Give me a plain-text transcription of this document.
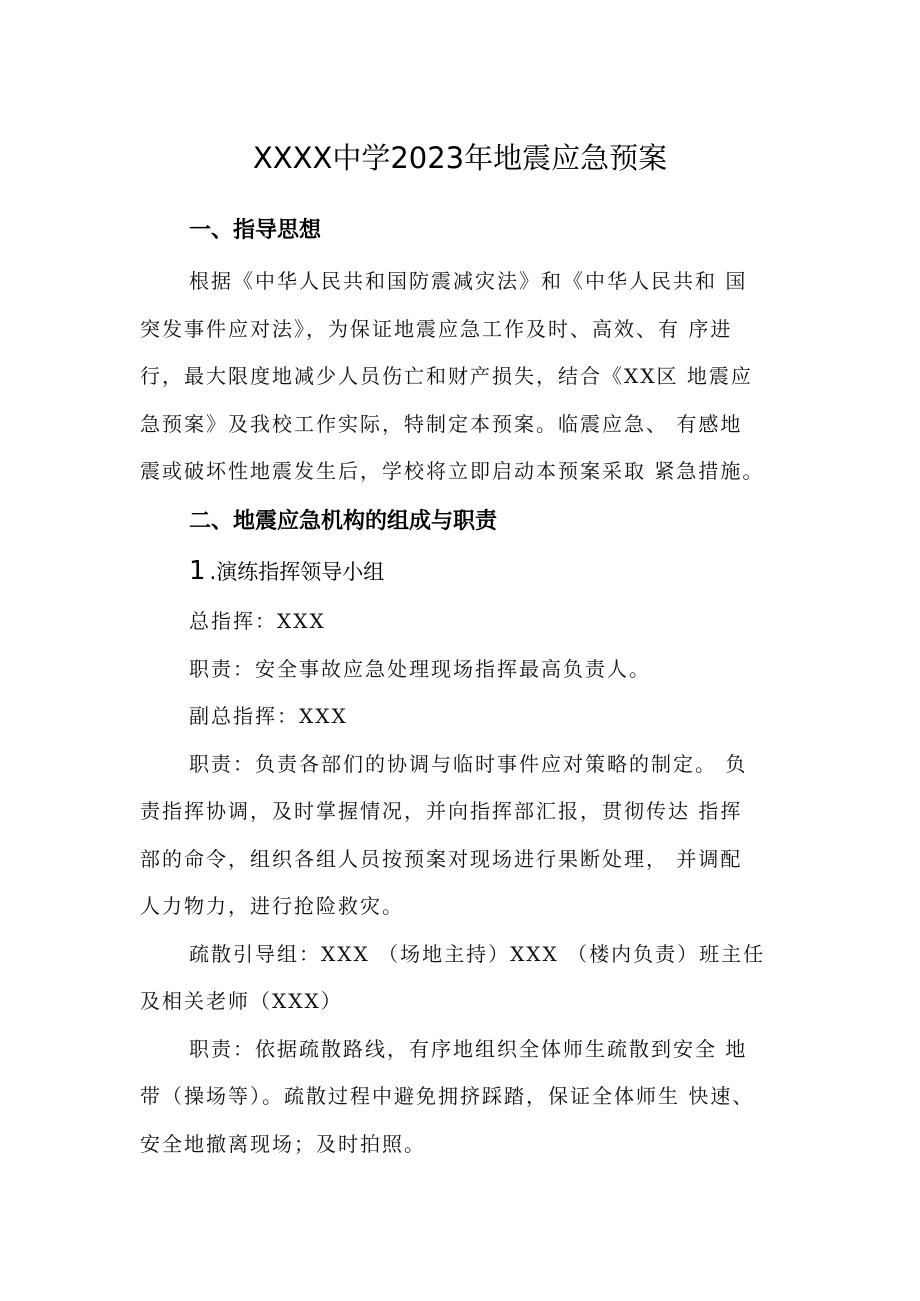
XXXX中学2023年地震应急预案
一、指导思想

根据《中华人民共和国防震减灾法》和《中华人民共和 国
突发事件应对法》，为保证地震应急工作及时、高效、有 序进
行，最大限度地减少人员伤亡和财产损失，结合《XX区 地震应
急预案》及我校工作实际，特制定本预案。临震应急、 有感地
震或破坏性地震发生后，学校将立即启动本预案采取 紧急措施。

二、地震应急机构的组成与职责
1 .演练指挥领导小组

总指挥：XXX
职责：安全事故应急处理现场指挥最高负责人。
副总指挥：XXX
职责：负责各部们的协调与临时事件应对策略的制定。 负
责指挥协调，及时掌握情况，并向指挥部汇报，贯彻传达 指挥
部的命令，组织各组人员按预案对现场进行果断处理， 并调配
人力物力，进行抢险救灾。
疏散引导组：XXX （场地主持）XXX （楼内负责）班主任
及相关老师（XXX）
职责：依据疏散路线，有序地组织全体师生疏散到安全 地
带（操场等）。疏散过程中避免拥挤踩踏，保证全体师生 快速、
安全地撤离现场；及时拍照。
